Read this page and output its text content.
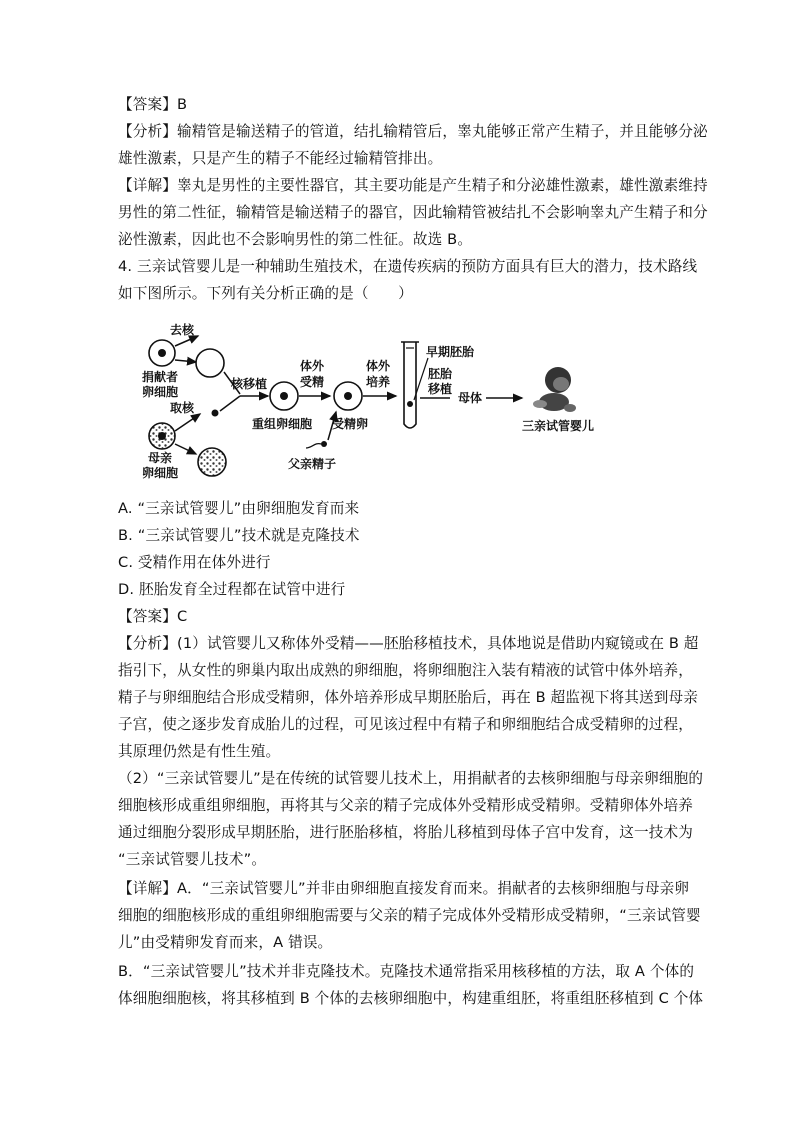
【答案】B
【分析】输精管是输送精子的管道，结扎输精管后，睾丸能够正常产生精子，并且能够分泌
雄性激素，只是产生的精子不能经过输精管排出。
【详解】睾丸是男性的主要性器官，其主要功能是产生精子和分泌雄性激素，雄性激素维持
男性的第二性征，输精管是输送精子的器官，因此输精管被结扎不会影响睾丸产生精子和分
泌性激素，因此也不会影响男性的第二性征。故选 B。
4. 三亲试管婴儿是一种辅助生殖技术，在遗传疾病的预防方面具有巨大的潜力，技术路线
如下图所示。下列有关分析正确的是（　　）
去核
捐献者
卵细胞
取核
母亲
卵细胞
核移植
重组卵细胞
体外
受精
父亲精子
受精卵
体外
培养
早期胚胎
胚胎
移植
母体
三亲试管婴儿
A. “三亲试管婴儿”由卵细胞发育而来
B. “三亲试管婴儿”技术就是克隆技术
C. 受精作用在体外进行
D. 胚胎发育全过程都在试管中进行
【答案】C
【分析】(1）试管婴儿又称体外受精——胚胎移植技术，具体地说是借助内窥镜或在 B 超
指引下，从女性的卵巢内取出成熟的卵细胞，将卵细胞注入装有精液的试管中体外培养，
精子与卵细胞结合形成受精卵，体外培养形成早期胚胎后，再在 B 超监视下将其送到母亲
子宫，使之逐步发育成胎儿的过程，可见该过程中有精子和卵细胞结合成受精卵的过程，
其原理仍然是有性生殖。
（2）“三亲试管婴儿”是在传统的试管婴儿技术上，用捐献者的去核卵细胞与母亲卵细胞的
细胞核形成重组卵细胞，再将其与父亲的精子完成体外受精形成受精卵。受精卵体外培养
通过细胞分裂形成早期胚胎，进行胚胎移植，将胎儿移植到母体子宫中发育，这一技术为
“三亲试管婴儿技术”。
【详解】A．“三亲试管婴儿”并非由卵细胞直接发育而来。捐献者的去核卵细胞与母亲卵
细胞的细胞核形成的重组卵细胞需要与父亲的精子完成体外受精形成受精卵，“三亲试管婴
儿”由受精卵发育而来，A 错误。
B．“三亲试管婴儿”技术并非克隆技术。克隆技术通常指采用核移植的方法，取 A 个体的
体细胞细胞核，将其移植到 B 个体的去核卵细胞中，构建重组胚，将重组胚移植到 C 个体
